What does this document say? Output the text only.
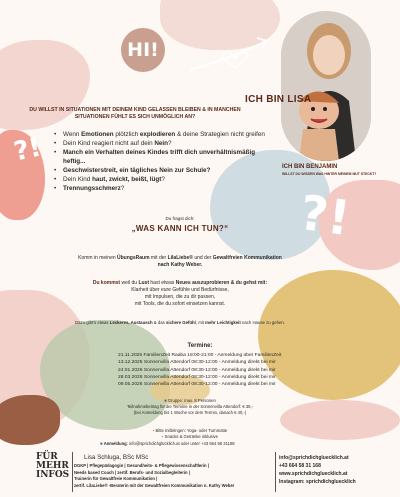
HI!
ICH BIN LISA
DU WILLST IN SITUATIONEN MIT DEINEM KIND GELASSEN BLEIBEN & IN MANCHEN
SITUATIONEN FÜHLT ES SICH UNMÖGLICH AN?
ICH BIN BENJAMIN
WILLST DU WISSEN WAS HINTER MEINEM MUT STECKT?
?!
?!
• Wenn Emotionen plötzlich explodieren & deine Strategien nicht greifen
• Dein Kind reagiert nicht auf dein Nein?
• Manch ein Verhalten deines Kindes trifft dich unverhältnismäßig heftig...
• Geschwisterstreit, ein tägliches Nein zur Schule?
• Dein Kind haut, zwickt, beißt, lügt?
• Trennungsschmerz?
Du fragst dich:
„WAS KANN ICH TUN?“
Komm in meinen ÜbungsRaum mit der LilaLiebe® und der Gewaltfreien Kommunikation
nach Kathy Weber.
Du kommst weil du Lust hast etwas Neues auszuprobieren & du gehst mit:
Klarheit über eure Gefühle und Bedürfnisse,
mit Impulsen, die zu dir passen,
mit Tools, die du sofort einsetzen kannst.
Dazu gibt's etwas Leckeres, Austausch & das sichere Gefühl, mit mehr Leichtigkeit nach Hause zu gehen.
Termine:
21.11.2025 FamilienZeit Raaba 18:00-21:00 - Anmeldung über FamilienZeit
13.12.2025 Sonnenvilla Attendorf 08:30-12:00 - Anmeldung direkt bei mir
24.01.2026 Sonnenvilla Attendorf 08:30-12:00 - Anmeldung direkt bei mir
28.03.2026 Sonnenvilla Attendorf 08:30-12:00 - Anmeldung direkt bei mir
09.05.2026 Sonnenvilla Attendorf 08:30-12:00 - Anmeldung direkt bei mir
■ Gruppe: max. 8 Personen
Teilnahmebeitrag für die Termine in der Sonnenvilla Attendorf: € 35,-
(bei Anmeldung bis 1 Woche vor dem Termin, danach € 40,-)
▪ Bitte mitbringen: Yoga- oder Turnmatte
▪ Snacks & Getränke inklusive
■ Anmeldung: info@sprichdichglücklich.at oder unter +43 664 58 31168
FÜR MEHR INFOS
Lisa Schluga, BSc MSc
DGKP | Pflegepädagogin | Gesundheits- & Pflegewissenschaftlerin |
Needs based Coach | zertif. Berufs- und Sozialbegleiterin |
Trainerin für Gewaltfreie Kommunikation |
zertif. LilaLiebe® -Beraterin mit der Gewaltfreien Kommunikation n. Kathy Weber
info@sprichdichgluecklich.at
+43 664 58 31 168
www.sprichdichgluecklich.at
Instagram: sprichdichgluecklich
